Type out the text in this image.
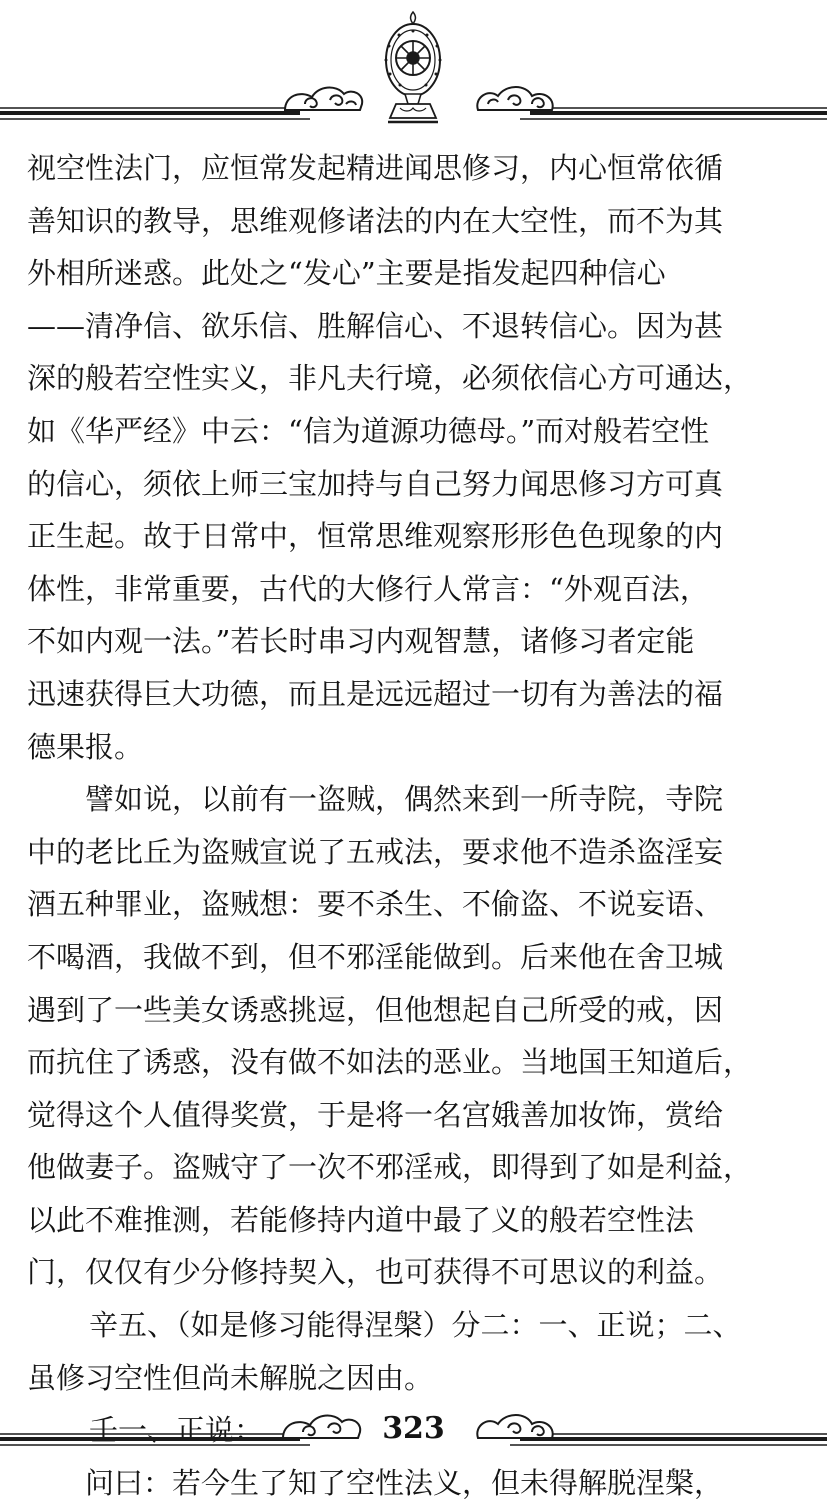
视空性法门，应恒常发起精进闻思修习，内心恒常依循
善知识的教导，思维观修诸法的内在大空性，而不为其
外相所迷惑。此处之“发心”主要是指发起四种信心
——清净信、欲乐信、胜解信心、不退转信心。因为甚
深的般若空性实义，非凡夫行境，必须依信心方可通达，
如《华严经》中云：“信为道源功德母。”而对般若空性
的信心，须依上师三宝加持与自己努力闻思修习方可真
正生起。故于日常中，恒常思维观察形形色色现象的内
体性，非常重要，古代的大修行人常言：“外观百法，
不如内观一法。”若长时串习内观智慧，诸修习者定能
迅速获得巨大功德，而且是远远超过一切有为善法的福
德果报。
譬如说，以前有一盗贼，偶然来到一所寺院，寺院
中的老比丘为盗贼宣说了五戒法，要求他不造杀盗淫妄
酒五种罪业，盗贼想：要不杀生、不偷盗、不说妄语、
不喝酒，我做不到，但不邪淫能做到。后来他在舍卫城
遇到了一些美女诱惑挑逗，但他想起自己所受的戒，因
而抗住了诱惑，没有做不如法的恶业。当地国王知道后，
觉得这个人值得奖赏，于是将一名宫娥善加妆饰，赏给
他做妻子。盗贼守了一次不邪淫戒，即得到了如是利益，
以此不难推测，若能修持内道中最了义的般若空性法
门，仅仅有少分修持契入，也可获得不可思议的利益。
辛五、（如是修习能得涅槃）分二：一、正说；二、
虽修习空性但尚未解脱之因由。
壬一、正说：
问曰：若今生了知了空性法义，但未得解脱涅槃，
323
